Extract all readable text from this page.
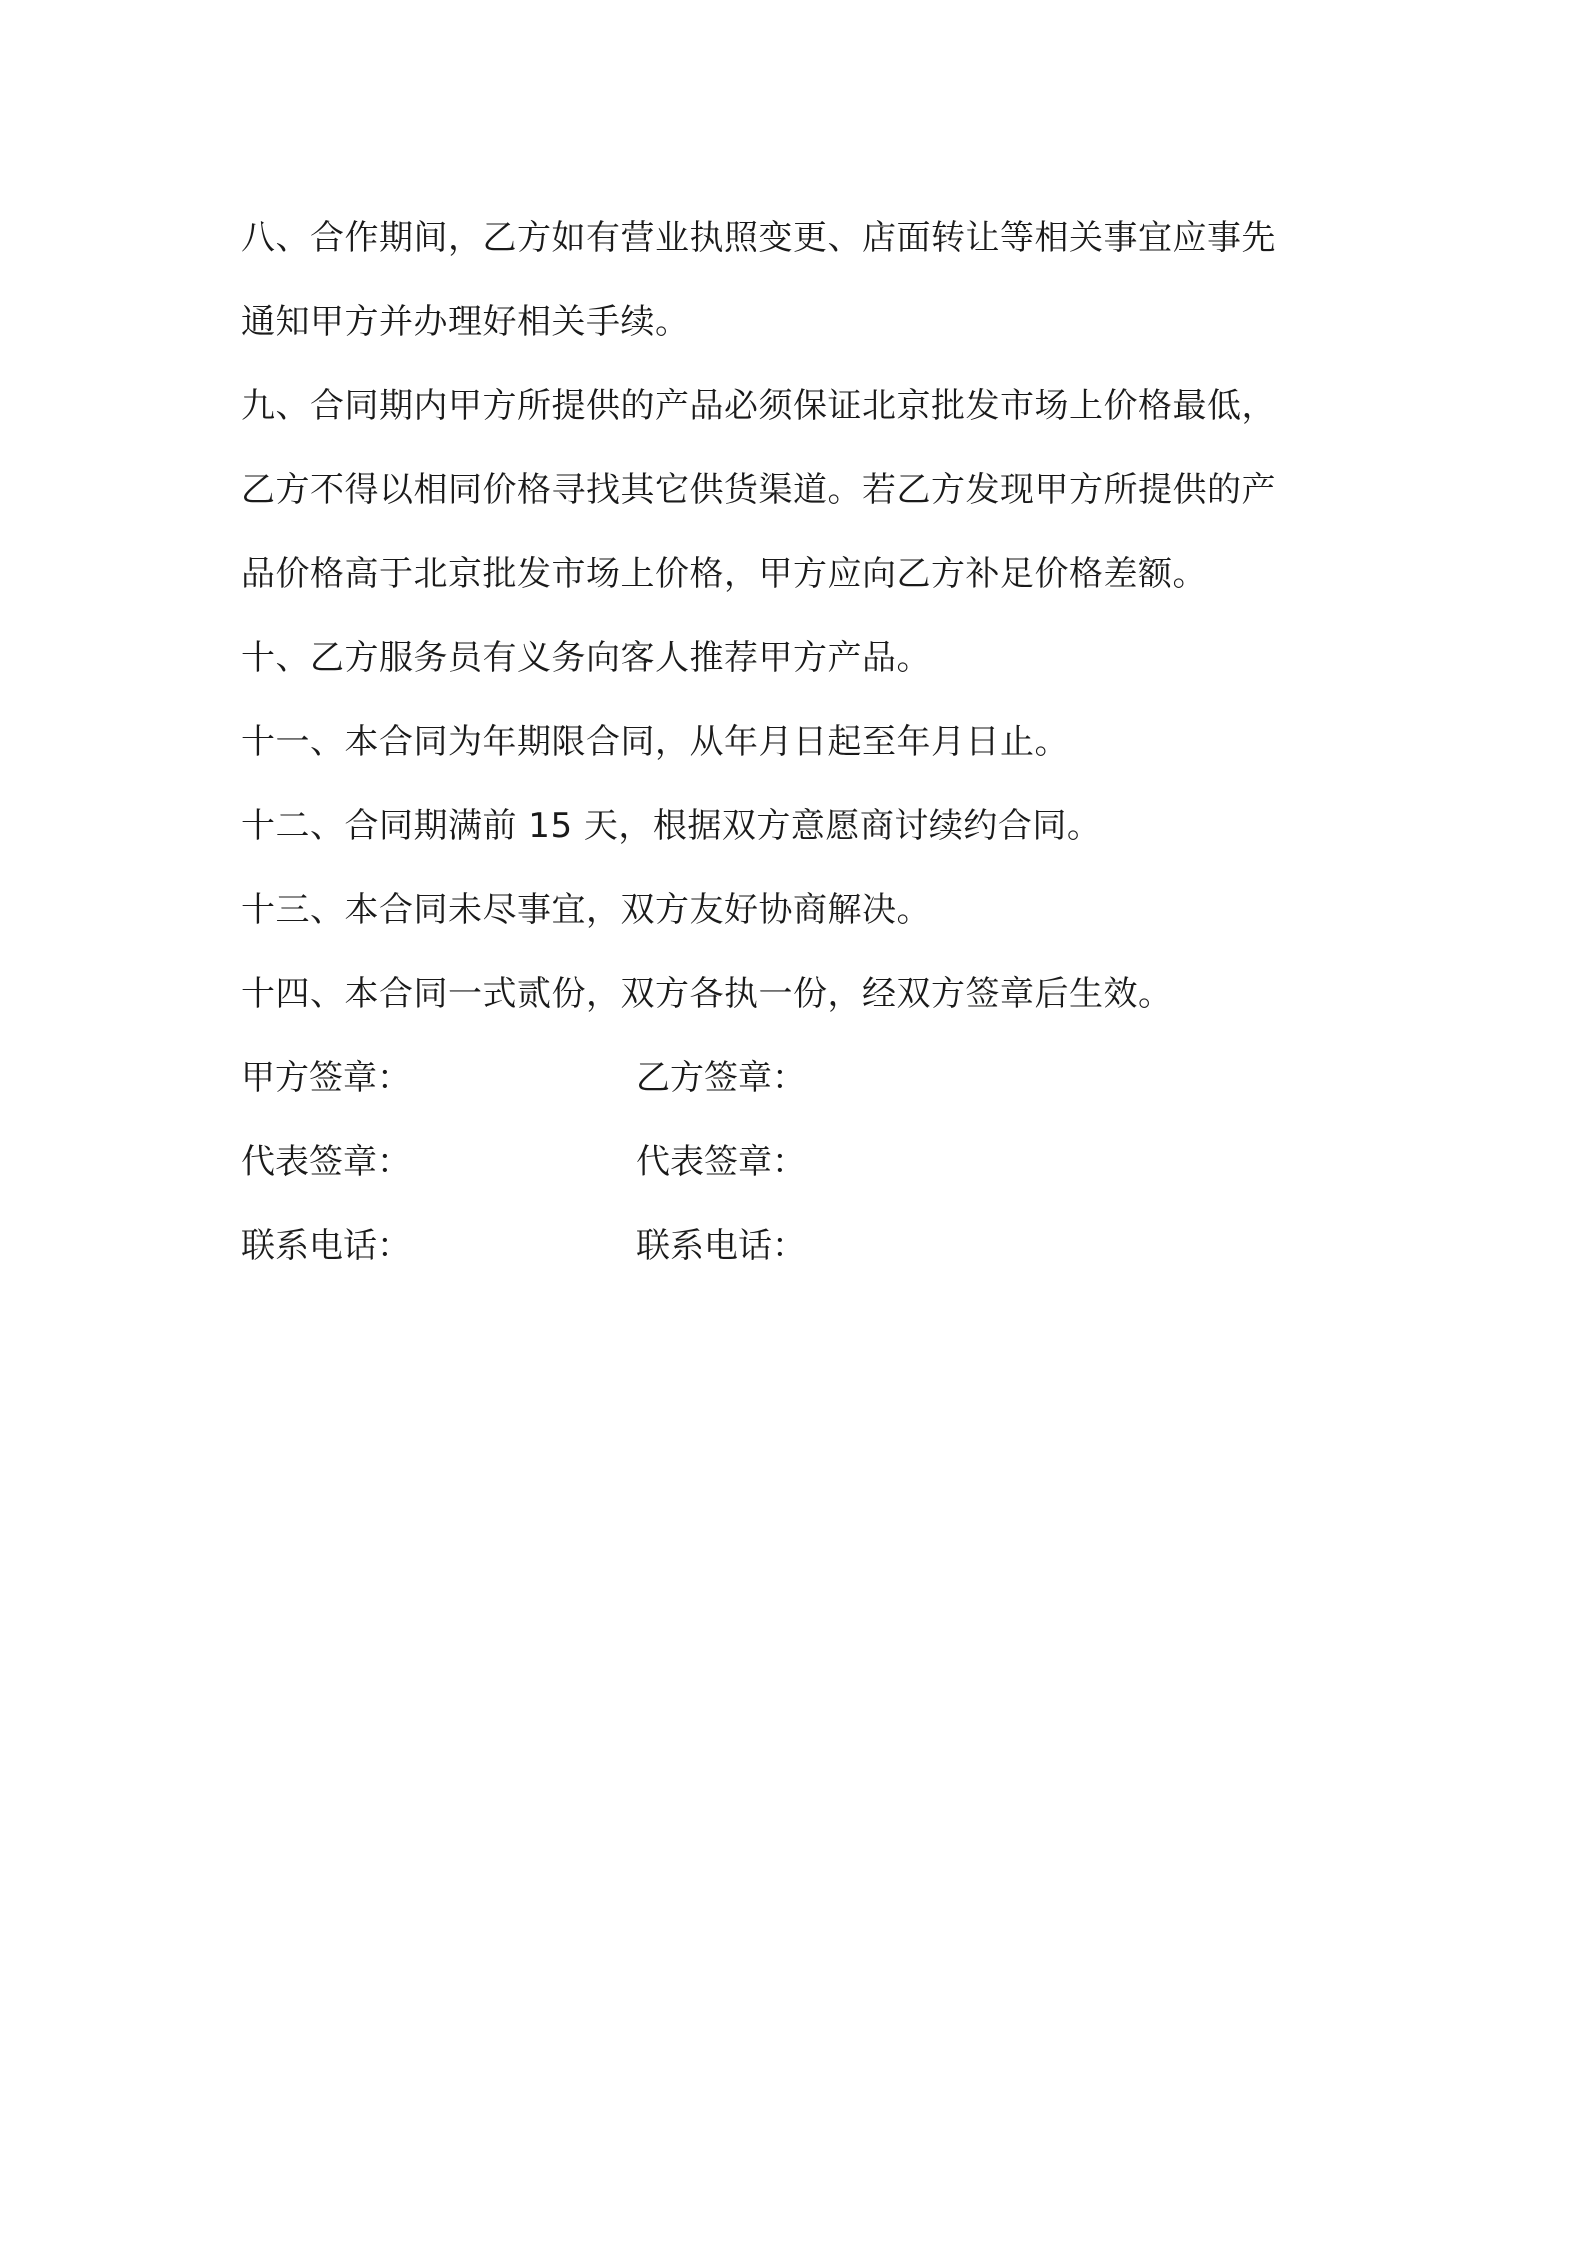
八、合作期间，乙方如有营业执照变更、店面转让等相关事宜应事先
通知甲方并办理好相关手续。
九、合同期内甲方所提供的产品必须保证北京批发市场上价格最低，
乙方不得以相同价格寻找其它供货渠道。若乙方发现甲方所提供的产
品价格高于北京批发市场上价格，甲方应向乙方补足价格差额。
十、乙方服务员有义务向客人推荐甲方产品。
十一、本合同为年期限合同，从年月日起至年月日止。
十二、合同期满前 15 天，根据双方意愿商讨续约合同。
十三、本合同未尽事宜，双方友好协商解决。
十四、本合同一式贰份，双方各执一份，经双方签章后生效。
甲方签章：	乙方签章：
代表签章：	代表签章：
联系电话：	联系电话：
